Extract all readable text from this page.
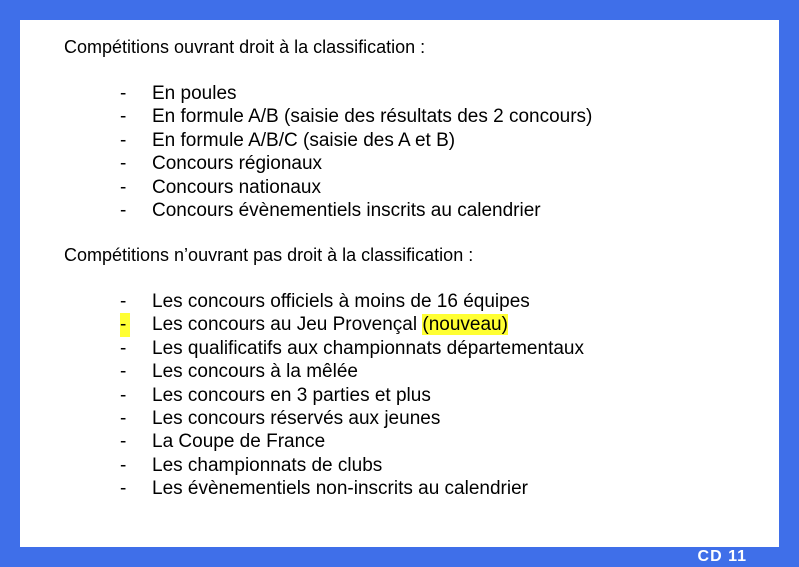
Compétitions ouvrant droit à la classification :
- En poules
- En formule A/B (saisie des résultats des 2 concours)
- En formule A/B/C (saisie des A et B)
- Concours régionaux
- Concours nationaux
- Concours évènementiels inscrits au calendrier
Compétitions n’ouvrant pas droit à la classification :
- Les concours officiels à moins de 16 équipes
- Les concours au Jeu Provençal (nouveau)
- Les qualificatifs aux championnats départementaux
- Les concours à la mêlée
- Les concours en 3 parties et plus
- Les concours réservés aux jeunes
- La Coupe de France
- Les championnats de clubs
- Les évènementiels non-inscrits au calendrier
CD 11
